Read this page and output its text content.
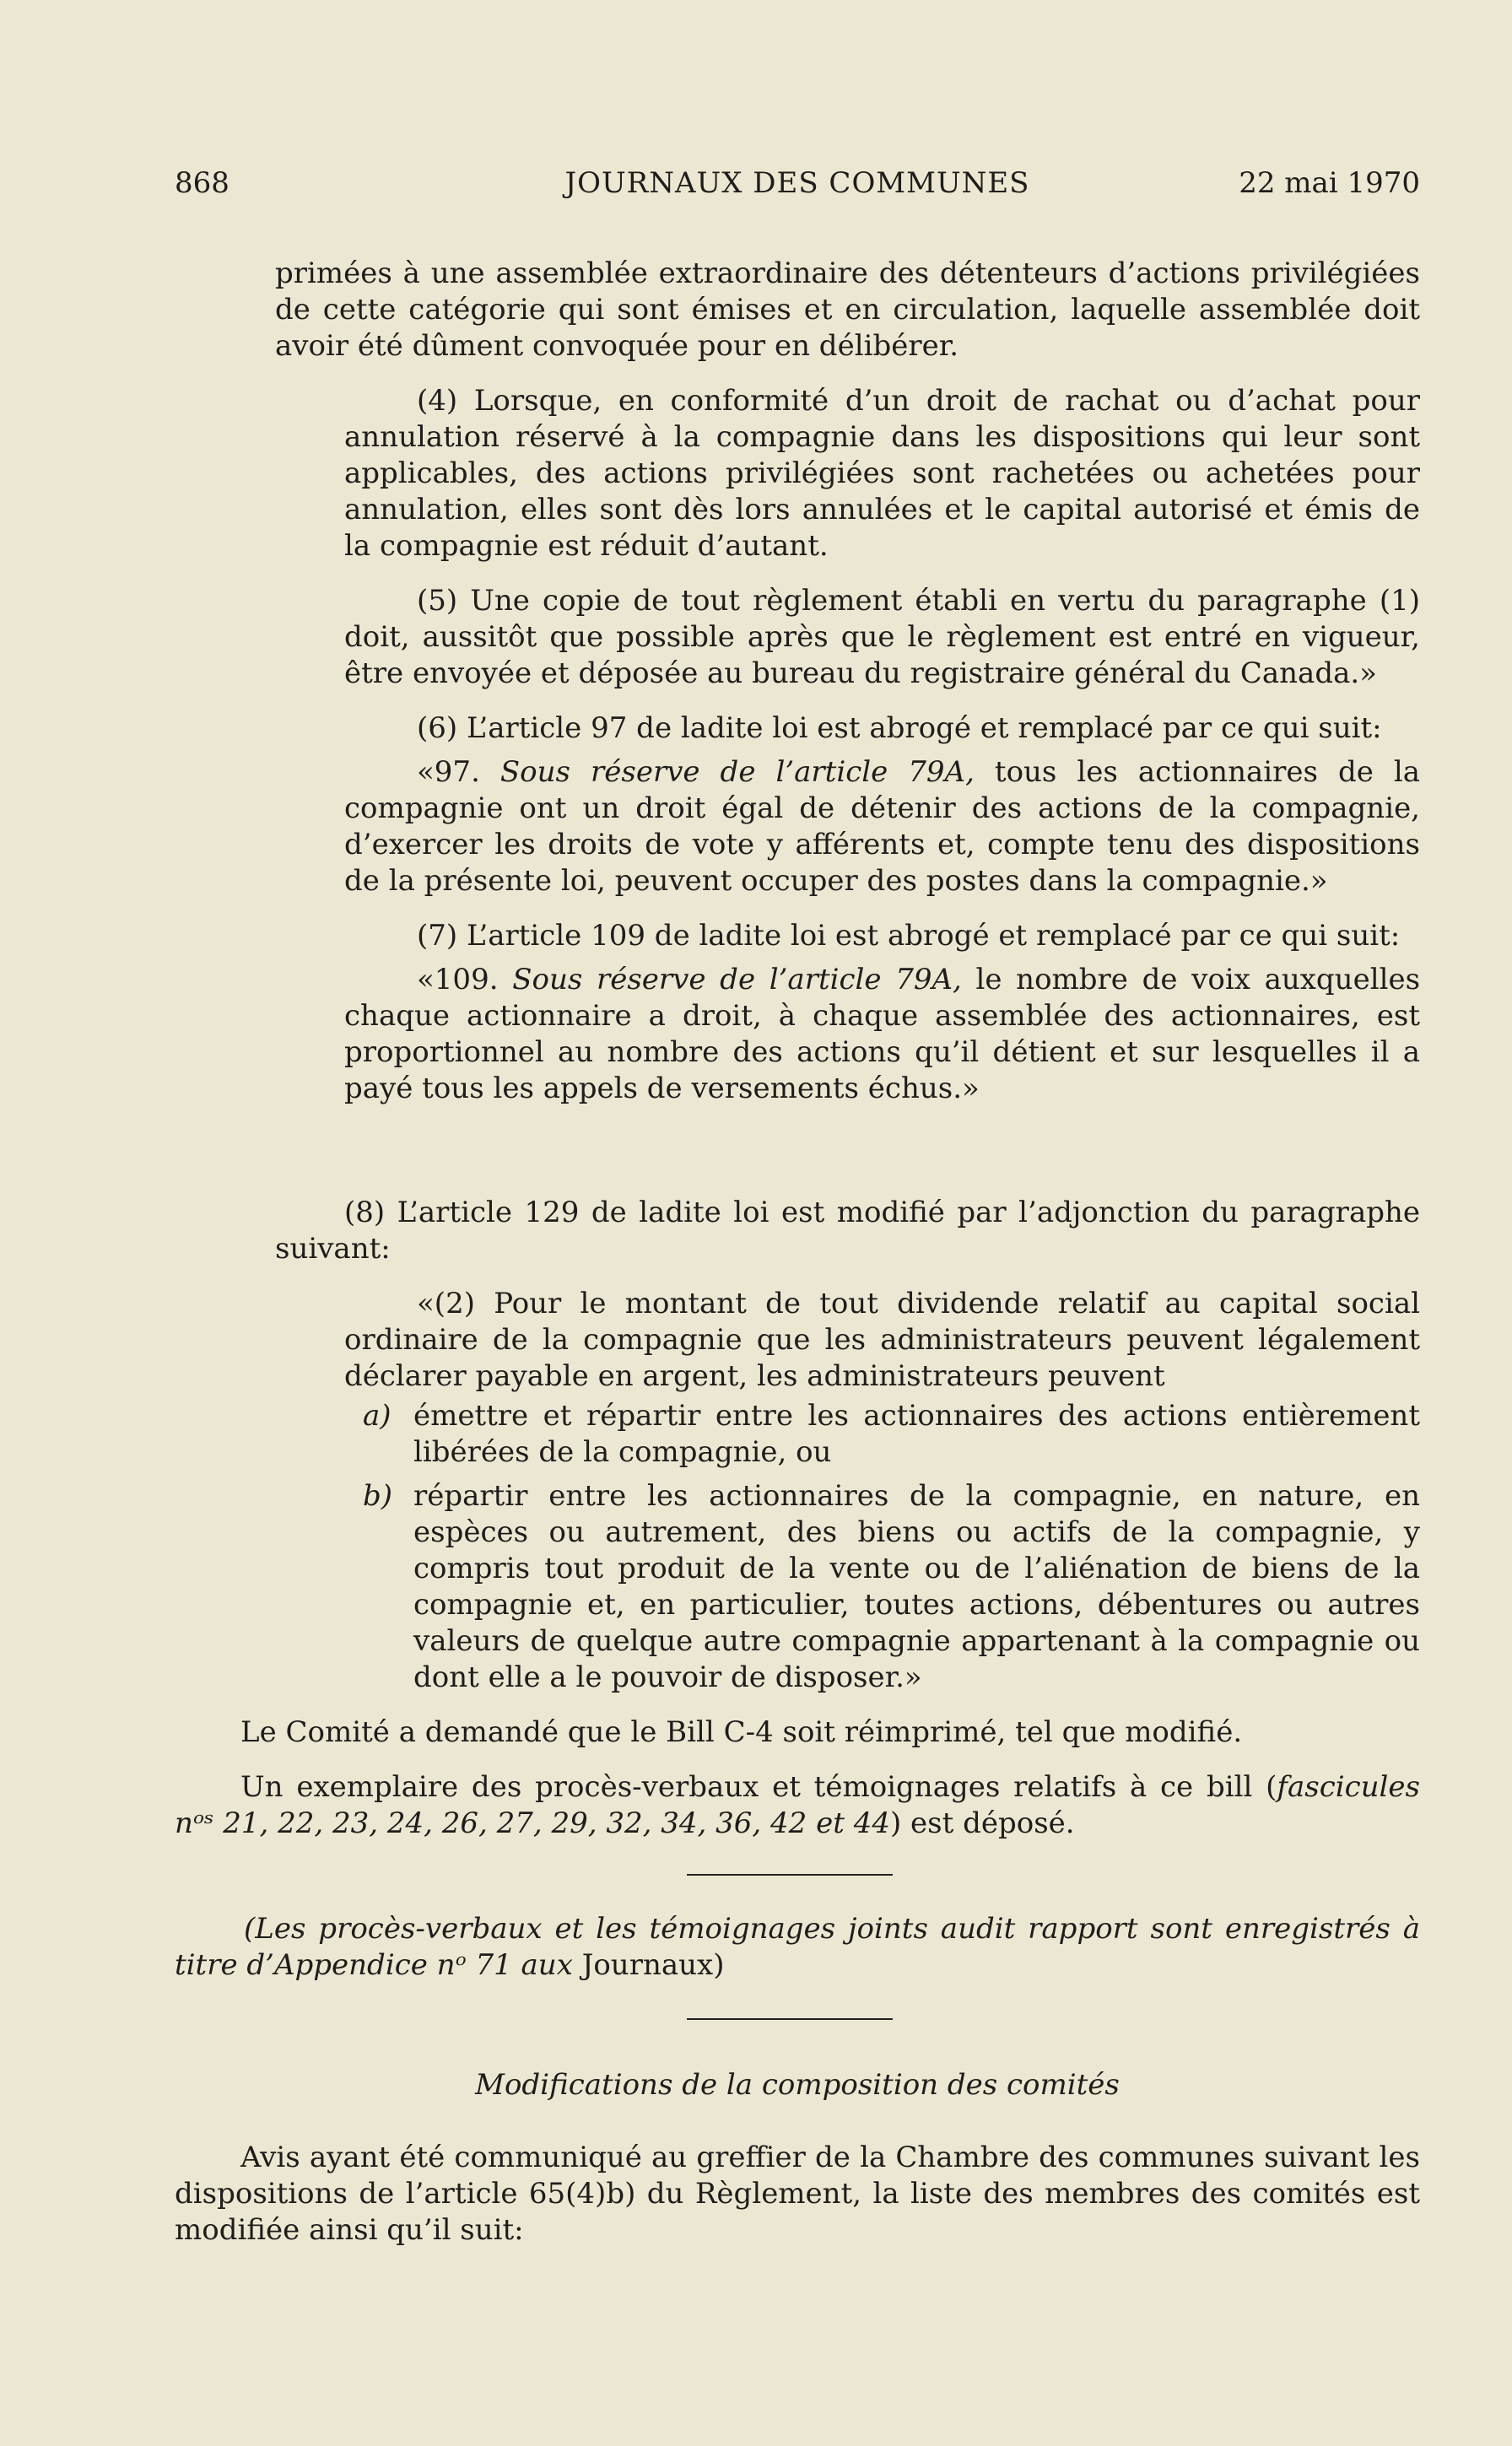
868	JOURNAUX DES COMMUNES	22 mai 1970

primées à une assemblée extraordinaire des détenteurs d’actions privilégiées de cette catégorie qui sont émises et en circulation, laquelle assemblée doit avoir été dûment convoquée pour en délibérer.

(4) Lorsque, en conformité d’un droit de rachat ou d’achat pour annulation réservé à la compagnie dans les dispositions qui leur sont applicables, des actions privilégiées sont rachetées ou achetées pour annulation, elles sont dès lors annulées et le capital autorisé et émis de la compagnie est réduit d’autant.

(5) Une copie de tout règlement établi en vertu du paragraphe (1) doit, aussitôt que possible après que le règlement est entré en vigueur, être envoyée et déposée au bureau du registraire général du Canada.»

(6) L’article 97 de ladite loi est abrogé et remplacé par ce qui suit:

«97. Sous réserve de l’article 79A, tous les actionnaires de la compagnie ont un droit égal de détenir des actions de la compagnie, d’exercer les droits de vote y afférents et, compte tenu des dispositions de la présente loi, peuvent occuper des postes dans la compagnie.»

(7) L’article 109 de ladite loi est abrogé et remplacé par ce qui suit:

«109. Sous réserve de l’article 79A, le nombre de voix auxquelles chaque actionnaire a droit, à chaque assemblée des actionnaires, est proportionnel au nombre des actions qu’il détient et sur lesquelles il a payé tous les appels de versements échus.»

(8) L’article 129 de ladite loi est modifié par l’adjonction du paragraphe suivant:

«(2) Pour le montant de tout dividende relatif au capital social ordinaire de la compagnie que les administrateurs peuvent légalement déclarer payable en argent, les administrateurs peuvent

a) émettre et répartir entre les actionnaires des actions entièrement libérées de la compagnie, ou
b) répartir entre les actionnaires de la compagnie, en nature, en espèces ou autrement, des biens ou actifs de la compagnie, y compris tout produit de la vente ou de l’aliénation de biens de la compagnie et, en particulier, toutes actions, débentures ou autres valeurs de quelque autre compagnie appartenant à la compagnie ou dont elle a le pouvoir de disposer.»

Le Comité a demandé que le Bill C-4 soit réimprimé, tel que modifié.

Un exemplaire des procès-verbaux et témoignages relatifs à ce bill (fascicules nᵒˢ 21, 22, 23, 24, 26, 27, 29, 32, 34, 36, 42 et 44) est déposé.

(Les procès-verbaux et les témoignages joints audit rapport sont enregistrés à titre d’Appendice nᵒ 71 aux Journaux)

Modifications de la composition des comités

Avis ayant été communiqué au greffier de la Chambre des communes suivant les dispositions de l’article 65(4)b) du Règlement, la liste des membres des comités est modifiée ainsi qu’il suit:
